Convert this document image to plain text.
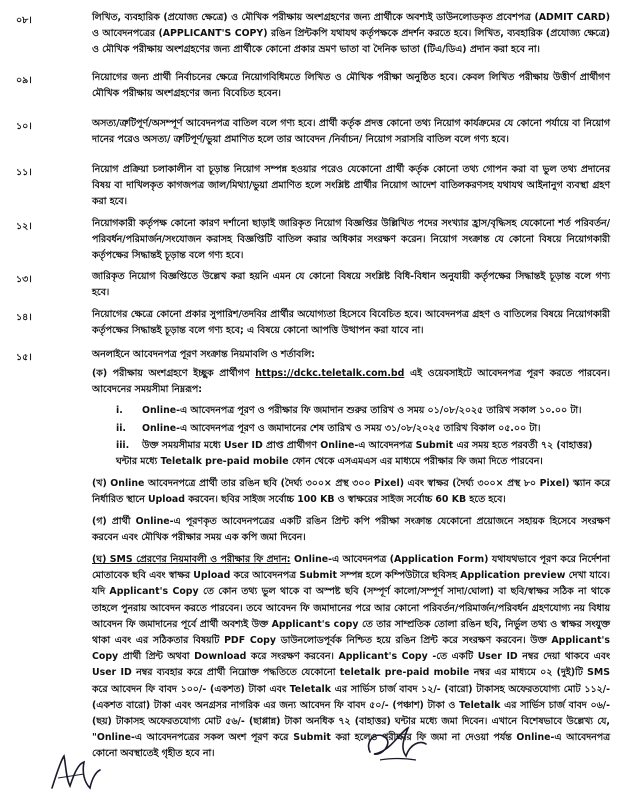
০৮।	লিখিত, ব্যবহারিক (প্রযোজ্য ক্ষেত্রে) ও মৌখিক পরীক্ষায় অংশগ্রহণের জন্য প্রার্থীকে অবশ্যই ডাউনলোডকৃত প্রবেশপত্র (ADMIT CARD) ও আবেদনপত্রের (APPLICANT'S COPY) রঙিন প্রিন্টকপি যথাযথ কর্তৃপক্ষকে প্রদর্শন করতে হবে। লিখিত, ব্যবহারিক (প্রযোজ্য ক্ষেত্রে) ও মৌখিক পরীক্ষায় অংশগ্রহণের জন্য প্রার্থীকে কোনো প্রকার ভ্রমণ ভাতা বা দৈনিক ভাতা (টিএ/ডিএ) প্রদান করা হবে না।
০৯।	নিয়োগের জন্য প্রার্থী নির্বাচনের ক্ষেত্রে নিয়োগবিধিমতে লিখিত ও মৌখিক পরীক্ষা অনুষ্ঠিত হবে। কেবল লিখিত পরীক্ষায় উত্তীর্ণ প্রার্থীগণ মৌখিক পরীক্ষায় অংশগ্রহণের জন্য বিবেচিত হবেন।
১০।	অসত্য/ত্রুটিপূর্ণ/অসম্পূর্ণ আবেদনপত্র বাতিল বলে গণ্য হবে। প্রার্থী কর্তৃক প্রদত্ত কোনো তথ্য নিয়োগ কার্যক্রমের যে কোনো পর্যায়ে বা নিয়োগ দানের পরেও অসত্য/ ত্রুটিপূর্ণ/ভুয়া প্রমাণিত হলে তার আবেদন /নির্বাচন/ নিয়োগ সরাসরি বাতিল বলে গণ্য হবে।
১১।	নিয়োগ প্রক্রিয়া চলাকালীন বা চূড়ান্ত নিয়োগ সম্পন্ন হওয়ার পরেও যেকোনো প্রার্থী কর্তৃক কোনো তথ্য গোপন করা বা ভুল তথ্য প্রদানের বিষয় বা দাখিলকৃত কাগজপত্র জাল/মিথ্যা/ভুয়া প্রমাণিত হলে সংশ্লিষ্ট প্রার্থীর নিয়োগ আদেশ বাতিলকরণসহ যথাযথ আইনানুগ ব্যবস্থা গ্রহণ করা হবে।
১২।	নিয়োগকারী কর্তৃপক্ষ কোনো কারণ দর্শানো ছাড়াই জারিকৃত নিয়োগ বিজ্ঞপ্তির উল্লিখিত পদের সংখ্যার হ্রাস/বৃদ্ধিসহ যেকোনো শর্ত পরিবর্তন/পরিবর্ধন/পরিমার্জন/সংযোজন করাসহ বিজ্ঞপ্তিটি বাতিল করার অধিকার সংরক্ষণ করেন। নিয়োগ সংক্রান্ত যে কোনো বিষয়ে নিয়োগকারী কর্তৃপক্ষের সিদ্ধান্তই চূড়ান্ত বলে গণ্য হবে।
১৩।	জারিকৃত নিয়োগ বিজ্ঞপ্তিতে উল্লেখ করা হয়নি এমন যে কোনো বিষয়ে সংশ্লিষ্ট বিধি-বিধান অনুযায়ী কর্তৃপক্ষের সিদ্ধান্তই চূড়ান্ত বলে গণ্য হবে।
১৪।	নিয়োগের ক্ষেত্রে কোনো প্রকার সুপারিশ/তদবির প্রার্থীর অযোগ্যতা হিসেবে বিবেচিত হবে। আবেদনপত্র গ্রহণ ও বাতিলের বিষয়ে নিয়োগকারী কর্তৃপক্ষের সিদ্ধান্তই চূড়ান্ত বলে গণ্য হবে; এ বিষয়ে কোনো আপত্তি উত্থাপন করা যাবে না।
১৫।	অনলাইনে আবেদনপত্র পূরণ সংক্রান্ত নিয়মাবলি ও শর্তাবলি:
(ক) পরীক্ষায় অংশগ্রহণে ইচ্ছুক প্রার্থীগণ https://dckc.teletalk.com.bd এই ওয়েবসাইটে আবেদনপত্র পূরণ করতে পারবেন। আবেদনের সময়সীমা নিম্নরূপ:
i. Online-এ আবেদনপত্র পূরণ ও পরীক্ষার ফি জমাদান শুরুর তারিখ ও সময় ০১/০৮/২০২৫ তারিখ সকাল ১০.০০ টা।
ii. Online-এ আবেদনপত্র পূরণ ও জমাদানের শেষ তারিখ ও সময় ৩১/০৮/২০২৫ তারিখ বিকাল ০৫.০০ টা।
iii. উক্ত সময়সীমার মধ্যে User ID প্রাপ্ত প্রার্থীগণ Online-এ আবেদনপত্র Submit এর সময় হতে পরবর্তী ৭২ (বাহাত্তর) ঘন্টার মধ্যে Teletalk pre-paid mobile ফোন থেকে এসএমএস এর মাধ্যমে পরীক্ষার ফি জমা দিতে পারবেন।
(খ) Online আবেদনপত্রে প্রার্থী তার রঙিন ছবি (দৈর্ঘ্য ৩০০× প্রস্থ ৩০০ Pixel) এবং স্বাক্ষর (দৈর্ঘ্য ৩০০× প্রস্থ ৮০ Pixel) স্ক্যান করে নির্ধারিত স্থানে Upload করবেন। ছবির সাইজ সর্বোচ্চ 100 KB ও স্বাক্ষরের সাইজ সর্বোচ্চ 60 KB হতে হবে।
(গ) প্রার্থী Online-এ পূরণকৃত আবেদনপত্রের একটি রঙিন প্রিন্ট কপি পরীক্ষা সংক্রান্ত যেকোনো প্রয়োজনে সহায়ক হিসেবে সংরক্ষণ করবেন এবং মৌখিক পরীক্ষার সময় এক কপি জমা দিবেন।
(ঘ) SMS প্রেরণের নিয়মাবলী ও পরীক্ষার ফি প্রদান: Online-এ আবেদনপত্র (Application Form) যথাযথভাবে পূরণ করে নির্দেশনা মোতাবেক ছবি এবং স্বাক্ষর Upload করে আবেদনপত্র Submit সম্পন্ন হলে কম্পিউটারে ছবিসহ Application preview দেখা যাবে। যদি Applicant's Copy তে কোন তথ্য ভুল থাকে বা অস্পষ্ট ছবি (সম্পূর্ণ কালো/সম্পূর্ণ সাদা/ঘোলা) বা ছবি/স্বাক্ষর সঠিক না থাকে তাহলে পুনরায় আবেদন করতে পারবেন। তবে আবেদন ফি জমাদানের পরে আর কোনো পরিবর্তন/পরিমার্জন/পরিবর্ধন গ্রহণযোগ্য নয় বিধায় আবেদন ফি জমাদানের পূর্বে প্রার্থী অবশ্যই উক্ত Applicant's copy তে তার সাম্প্রতিক তোলা রঙিন ছবি, নির্ভুল তথ্য ও স্বাক্ষর সংযুক্ত থাকা এবং এর সঠিকতার বিষয়টি PDF Copy ডাউনলোডপূর্বক নিশ্চিত হয়ে রঙিন প্রিন্ট করে সংরক্ষণ করবেন। উক্ত Applicant's Copy প্রার্থী প্রিন্ট অথবা Download করে সংরক্ষণ করবেন। Applicant's Copy -তে একটি User ID নম্বর দেয়া থাকবে এবং User ID নম্বর ব্যবহার করে প্রার্থী নিম্নোক্ত পদ্ধতিতে যেকোনো teletalk pre-paid mobile নম্বর এর মাধ্যমে ০২ (দুই)টি SMS করে আবেদন ফি বাবদ ১০০/- (একশত) টাকা এবং Teletalk এর সার্ভিস চার্জ বাবদ ১২/- (বারো) টাকাসহ অফেরতযোগ্য মোট ১১২/- (একশত বারো) টাকা এবং অনগ্রসর নাগরিক এর জন্য আবেদন ফি বাবদ ৫০/- (পঞ্চাশ) টাকা ও Teletalk এর সার্ভিস চার্জ বাবদ ০৬/-(ছয়) টাকাসহ অফেরতযোগ্য মোট ৫৬/- (ছাপ্পান্ন) টাকা অনধিক ৭২ (বাহাত্তর) ঘন্টার মধ্যে জমা দিবেন। এখানে বিশেষভাবে উল্লেখ্য যে, "Online-এ আবেদনপত্রের সকল অংশ পূরণ করে Submit করা হলেও পরীক্ষার ফি জমা না দেওয়া পর্যন্ত Online-এ আবেদনপত্র কোনো অবস্থাতেই গৃহীত হবে না।
